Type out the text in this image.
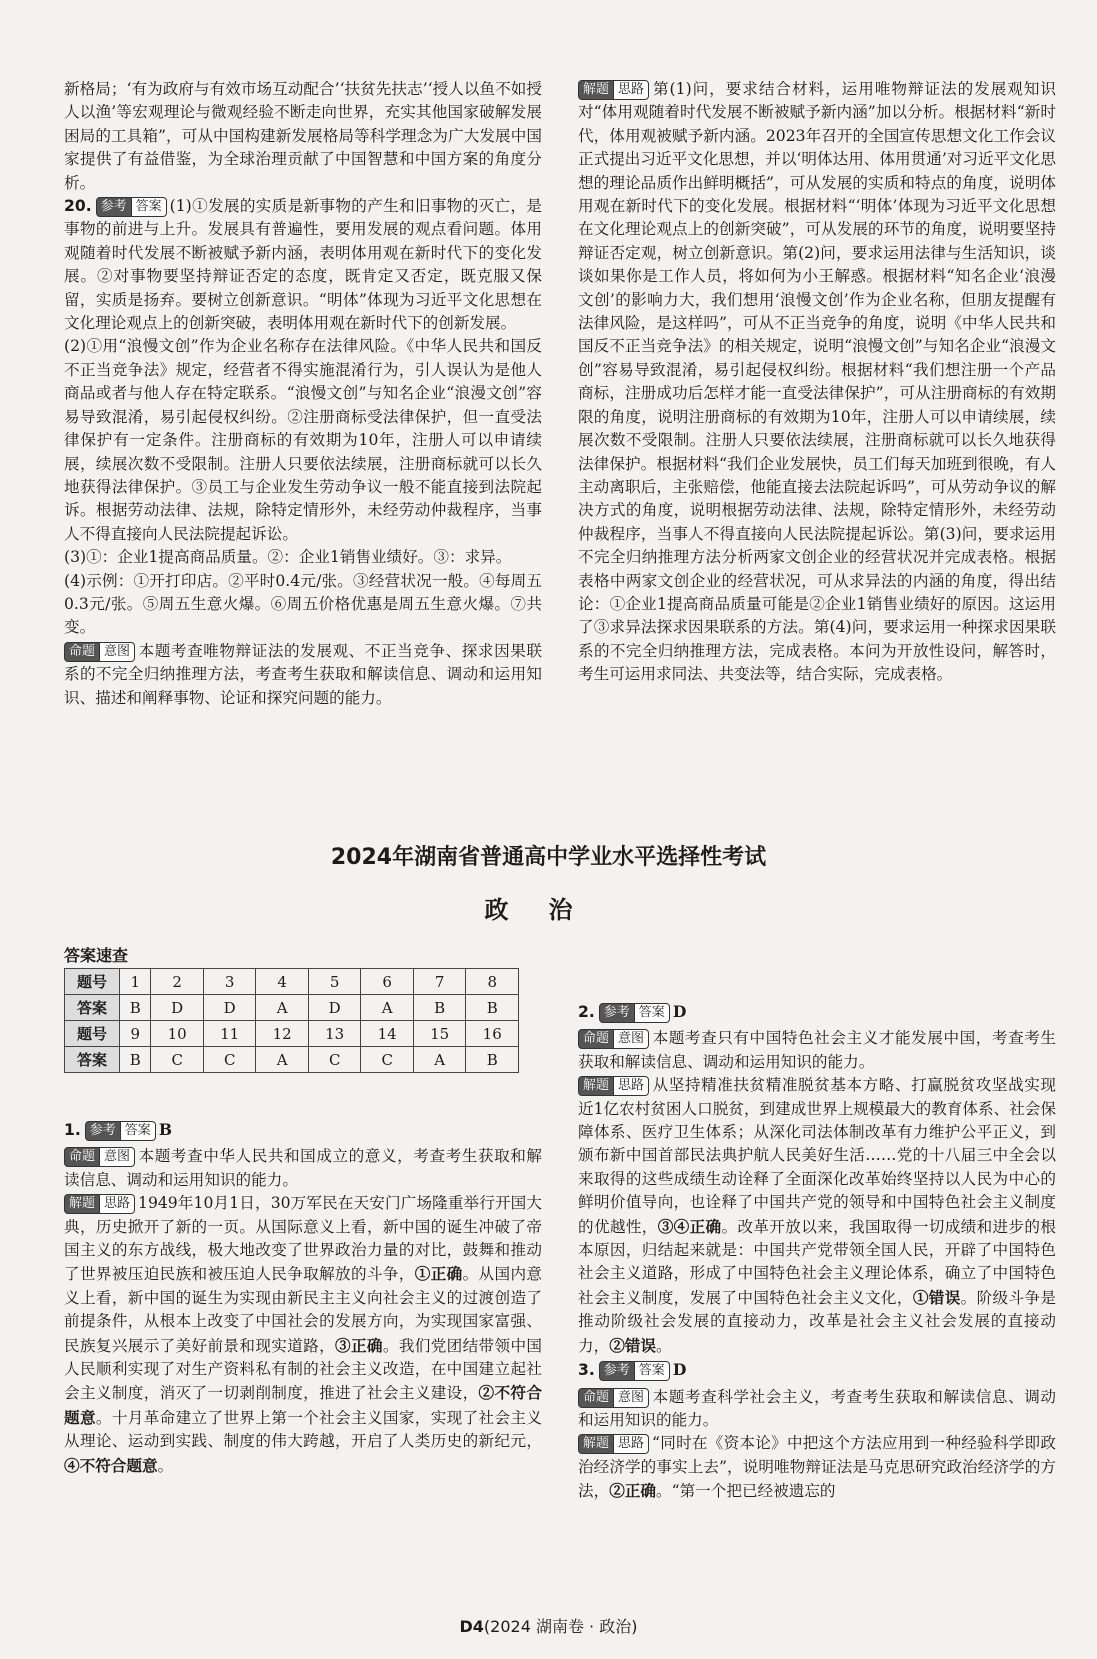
新格局；‘有为政府与有效市场互动配合’‘扶贫先扶志’‘授人以鱼不如授人以渔’等宏观理论与微观经验不断走向世界，充实其他国家破解发展困局的工具箱”，可从中国构建新发展格局等科学理念为广大发展中国家提供了有益借鉴，为全球治理贡献了中国智慧和中国方案的角度分析。

20. 参考 答案 (1)①发展的实质是新事物的产生和旧事物的灭亡，是事物的前进与上升。发展具有普遍性，要用发展的观点看问题。体用观随着时代发展不断被赋予新内涵，表明体用观在新时代下的变化发展。②对事物要坚持辩证否定的态度，既肯定又否定，既克服又保留，实质是扬弃。要树立创新意识。“明体”体现为习近平文化思想在文化理论观点上的创新突破，表明体用观在新时代下的创新发展。

(2)①用“浪慢文创”作为企业名称存在法律风险。《中华人民共和国反不正当竞争法》规定，经营者不得实施混淆行为，引人误认为是他人商品或者与他人存在特定联系。“浪慢文创”与知名企业“浪漫文创”容易导致混淆，易引起侵权纠纷。②注册商标受法律保护，但一直受法律保护有一定条件。注册商标的有效期为10年，注册人可以申请续展，续展次数不受限制。注册人只要依法续展，注册商标就可以长久地获得法律保护。③员工与企业发生劳动争议一般不能直接到法院起诉。根据劳动法律、法规，除特定情形外，未经劳动仲裁程序，当事人不得直接向人民法院提起诉讼。

(3)①：企业1提高商品质量。②：企业1销售业绩好。③：求异。

(4)示例：①开打印店。②平时0.4元/张。③经营状况一般。④每周五0.3元/张。⑤周五生意火爆。⑥周五价格优惠是周五生意火爆。⑦共变。

命题 意图 本题考查唯物辩证法的发展观、不正当竞争、探求因果联系的不完全归纳推理方法，考查考生获取和解读信息、调动和运用知识、描述和阐释事物、论证和探究问题的能力。

解题 思路 第(1)问，要求结合材料，运用唯物辩证法的发展观知识对“体用观随着时代发展不断被赋予新内涵”加以分析。根据材料“新时代，体用观被赋予新内涵。2023年召开的全国宣传思想文化工作会议正式提出习近平文化思想，并以‘明体达用、体用贯通’对习近平文化思想的理论品质作出鲜明概括”，可从发展的实质和特点的角度，说明体用观在新时代下的变化发展。根据材料“‘明体’体现为习近平文化思想在文化理论观点上的创新突破”，可从发展的环节的角度，说明要坚持辩证否定观，树立创新意识。第(2)问，要求运用法律与生活知识，谈谈如果你是工作人员，将如何为小王解惑。根据材料“知名企业‘浪漫文创’的影响力大，我们想用‘浪慢文创’作为企业名称，但朋友提醒有法律风险，是这样吗”，可从不正当竞争的角度，说明《中华人民共和国反不正当竞争法》的相关规定，说明“浪慢文创”与知名企业“浪漫文创”容易导致混淆，易引起侵权纠纷。根据材料“我们想注册一个产品商标，注册成功后怎样才能一直受法律保护”，可从注册商标的有效期限的角度，说明注册商标的有效期为10年，注册人可以申请续展，续展次数不受限制。注册人只要依法续展，注册商标就可以长久地获得法律保护。根据材料“我们企业发展快，员工们每天加班到很晚，有人主动离职后，主张赔偿，他能直接去法院起诉吗”，可从劳动争议的解决方式的角度，说明根据劳动法律、法规，除特定情形外，未经劳动仲裁程序，当事人不得直接向人民法院提起诉讼。第(3)问，要求运用不完全归纳推理方法分析两家文创企业的经营状况并完成表格。根据表格中两家文创企业的经营状况，可从求异法的内涵的角度，得出结论：①企业1提高商品质量可能是②企业1销售业绩好的原因。这运用了③求异法探求因果联系的方法。第(4)问，要求运用一种探求因果联系的不完全归纳推理方法，完成表格。本问为开放性设问，解答时，考生可运用求同法、共变法等，结合实际，完成表格。

2024年湖南省普通高中学业水平选择性考试
政治
答案速查
题号	1	2	3	4	5	6	7	8
答案	B	D	D	A	D	A	B	B
题号	9	10	11	12	13	14	15	16
答案	B	C	C	A	C	C	A	B

1. 参考 答案 B

命题 意图 本题考查中华人民共和国成立的意义，考查考生获取和解读信息、调动和运用知识的能力。

解题 思路 1949年10月1日，30万军民在天安门广场隆重举行开国大典，历史掀开了新的一页。从国际意义上看，新中国的诞生冲破了帝国主义的东方战线，极大地改变了世界政治力量的对比，鼓舞和推动了世界被压迫民族和被压迫人民争取解放的斗争，①正确。从国内意义上看，新中国的诞生为实现由新民主主义向社会主义的过渡创造了前提条件，从根本上改变了中国社会的发展方向，为实现国家富强、民族复兴展示了美好前景和现实道路，③正确。我们党团结带领中国人民顺利实现了对生产资料私有制的社会主义改造，在中国建立起社会主义制度，消灭了一切剥削制度，推进了社会主义建设，②不符合题意。十月革命建立了世界上第一个社会主义国家，实现了社会主义从理论、运动到实践、制度的伟大跨越，开启了人类历史的新纪元，④不符合题意。

2. 参考 答案 D

命题 意图 本题考查只有中国特色社会主义才能发展中国，考查考生获取和解读信息、调动和运用知识的能力。

解题 思路 从坚持精准扶贫精准脱贫基本方略、打赢脱贫攻坚战实现近1亿农村贫困人口脱贫，到建成世界上规模最大的教育体系、社会保障体系、医疗卫生体系；从深化司法体制改革有力维护公平正义，到颁布新中国首部民法典护航人民美好生活……党的十八届三中全会以来取得的这些成绩生动诠释了全面深化改革始终坚持以人民为中心的鲜明价值导向，也诠释了中国共产党的领导和中国特色社会主义制度的优越性，③④正确。改革开放以来，我国取得一切成绩和进步的根本原因，归结起来就是：中国共产党带领全国人民，开辟了中国特色社会主义道路，形成了中国特色社会主义理论体系，确立了中国特色社会主义制度，发展了中国特色社会主义文化，①错误。阶级斗争是推动阶级社会发展的直接动力，改革是社会主义社会发展的直接动力，②错误。

3. 参考 答案 D

命题 意图 本题考查科学社会主义，考查考生获取和解读信息、调动和运用知识的能力。

解题 思路 “同时在《资本论》中把这个方法应用到一种经验科学即政治经济学的事实上去”，说明唯物辩证法是马克思研究政治经济学的方法，②正确。“第一个把已经被遗忘的

D4(2024 湖南卷 · 政治)
